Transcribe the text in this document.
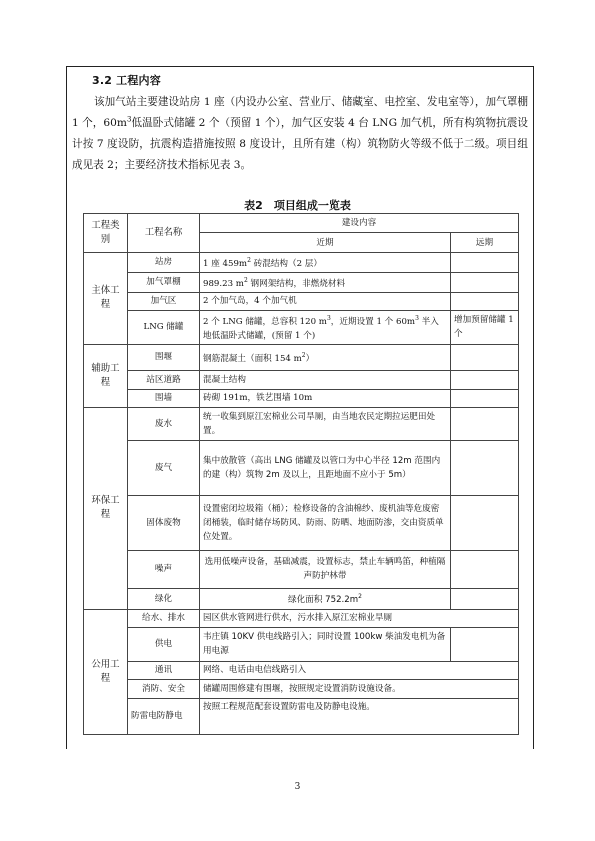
3.2 工程内容

该加气站主要建设站房 1 座（内设办公室、营业厅、储藏室、电控室、发电室等），加气罩棚 1 个，$60m^3$低温卧式储罐 2 个（预留 1 个），加气区安装 4 台 LNG 加气机，所有构筑物抗震设计按 7 度设防，抗震构造措施按照 8 度设计，且所有建（构）筑物防火等级不低于二级。项目组成见表 2；主要经济技术指标见表 3。

表2　项目组成一览表
工程类别	工程名称	建设内容	
		近期	远期
主体工程	站房	1 座 $459m^2$ 砖混结构（2 层）	
	加气罩棚	989.23 $m^2$ 钢网架结构，非燃烧材料	
	加气区	2 个加气岛，4 个加气机	
	LNG 储罐	2 个 LNG 储罐，总容积 120 $m^3$，近期设置 1 个 $60m^3$ 半入地低温卧式储罐，(预留 1 个)	增加预留储罐 1 个
辅助工程	围堰	钢筋混凝土（面积 154 $m^2$）	
	站区道路	混凝土结构	
	围墙	砖砌 191m，铁艺围墙 10m	
环保工程	废水	统一收集到原江宏棉业公司旱厕，由当地农民定期拉运肥田处置。	
	废气	集中放散管（高出 LNG 储罐及以管口为中心半径 12m 范围内的建（构）筑物 2m 及以上，且距地面不应小于 5m）	
	固体废物	设置密闭垃圾箱（桶）；检修设备的含油棉纱、废机油等危废密闭桶装，临时储存场防风、防雨、防晒、地面防渗，交由资质单位处置。	
	噪声	选用低噪声设备，基础减震，设置标志，禁止车辆鸣笛，种植隔声防护林带	
	绿化	绿化面积 $752.2m^2$	
公用工程	给水、排水	园区供水管网进行供水，污水排入原江宏棉业旱厕	
	供电	韦庄镇 10KV 供电线路引入；同时设置 100kw 柴油发电机为备用电源	
	通讯	网络、电话由电信线路引入	
	消防、安全	储罐周围修建有围堰，按照规定设置消防设施设备。	
	防雷电防静电	按照工程规范配套设置防雷电及防静电设施。	
3
